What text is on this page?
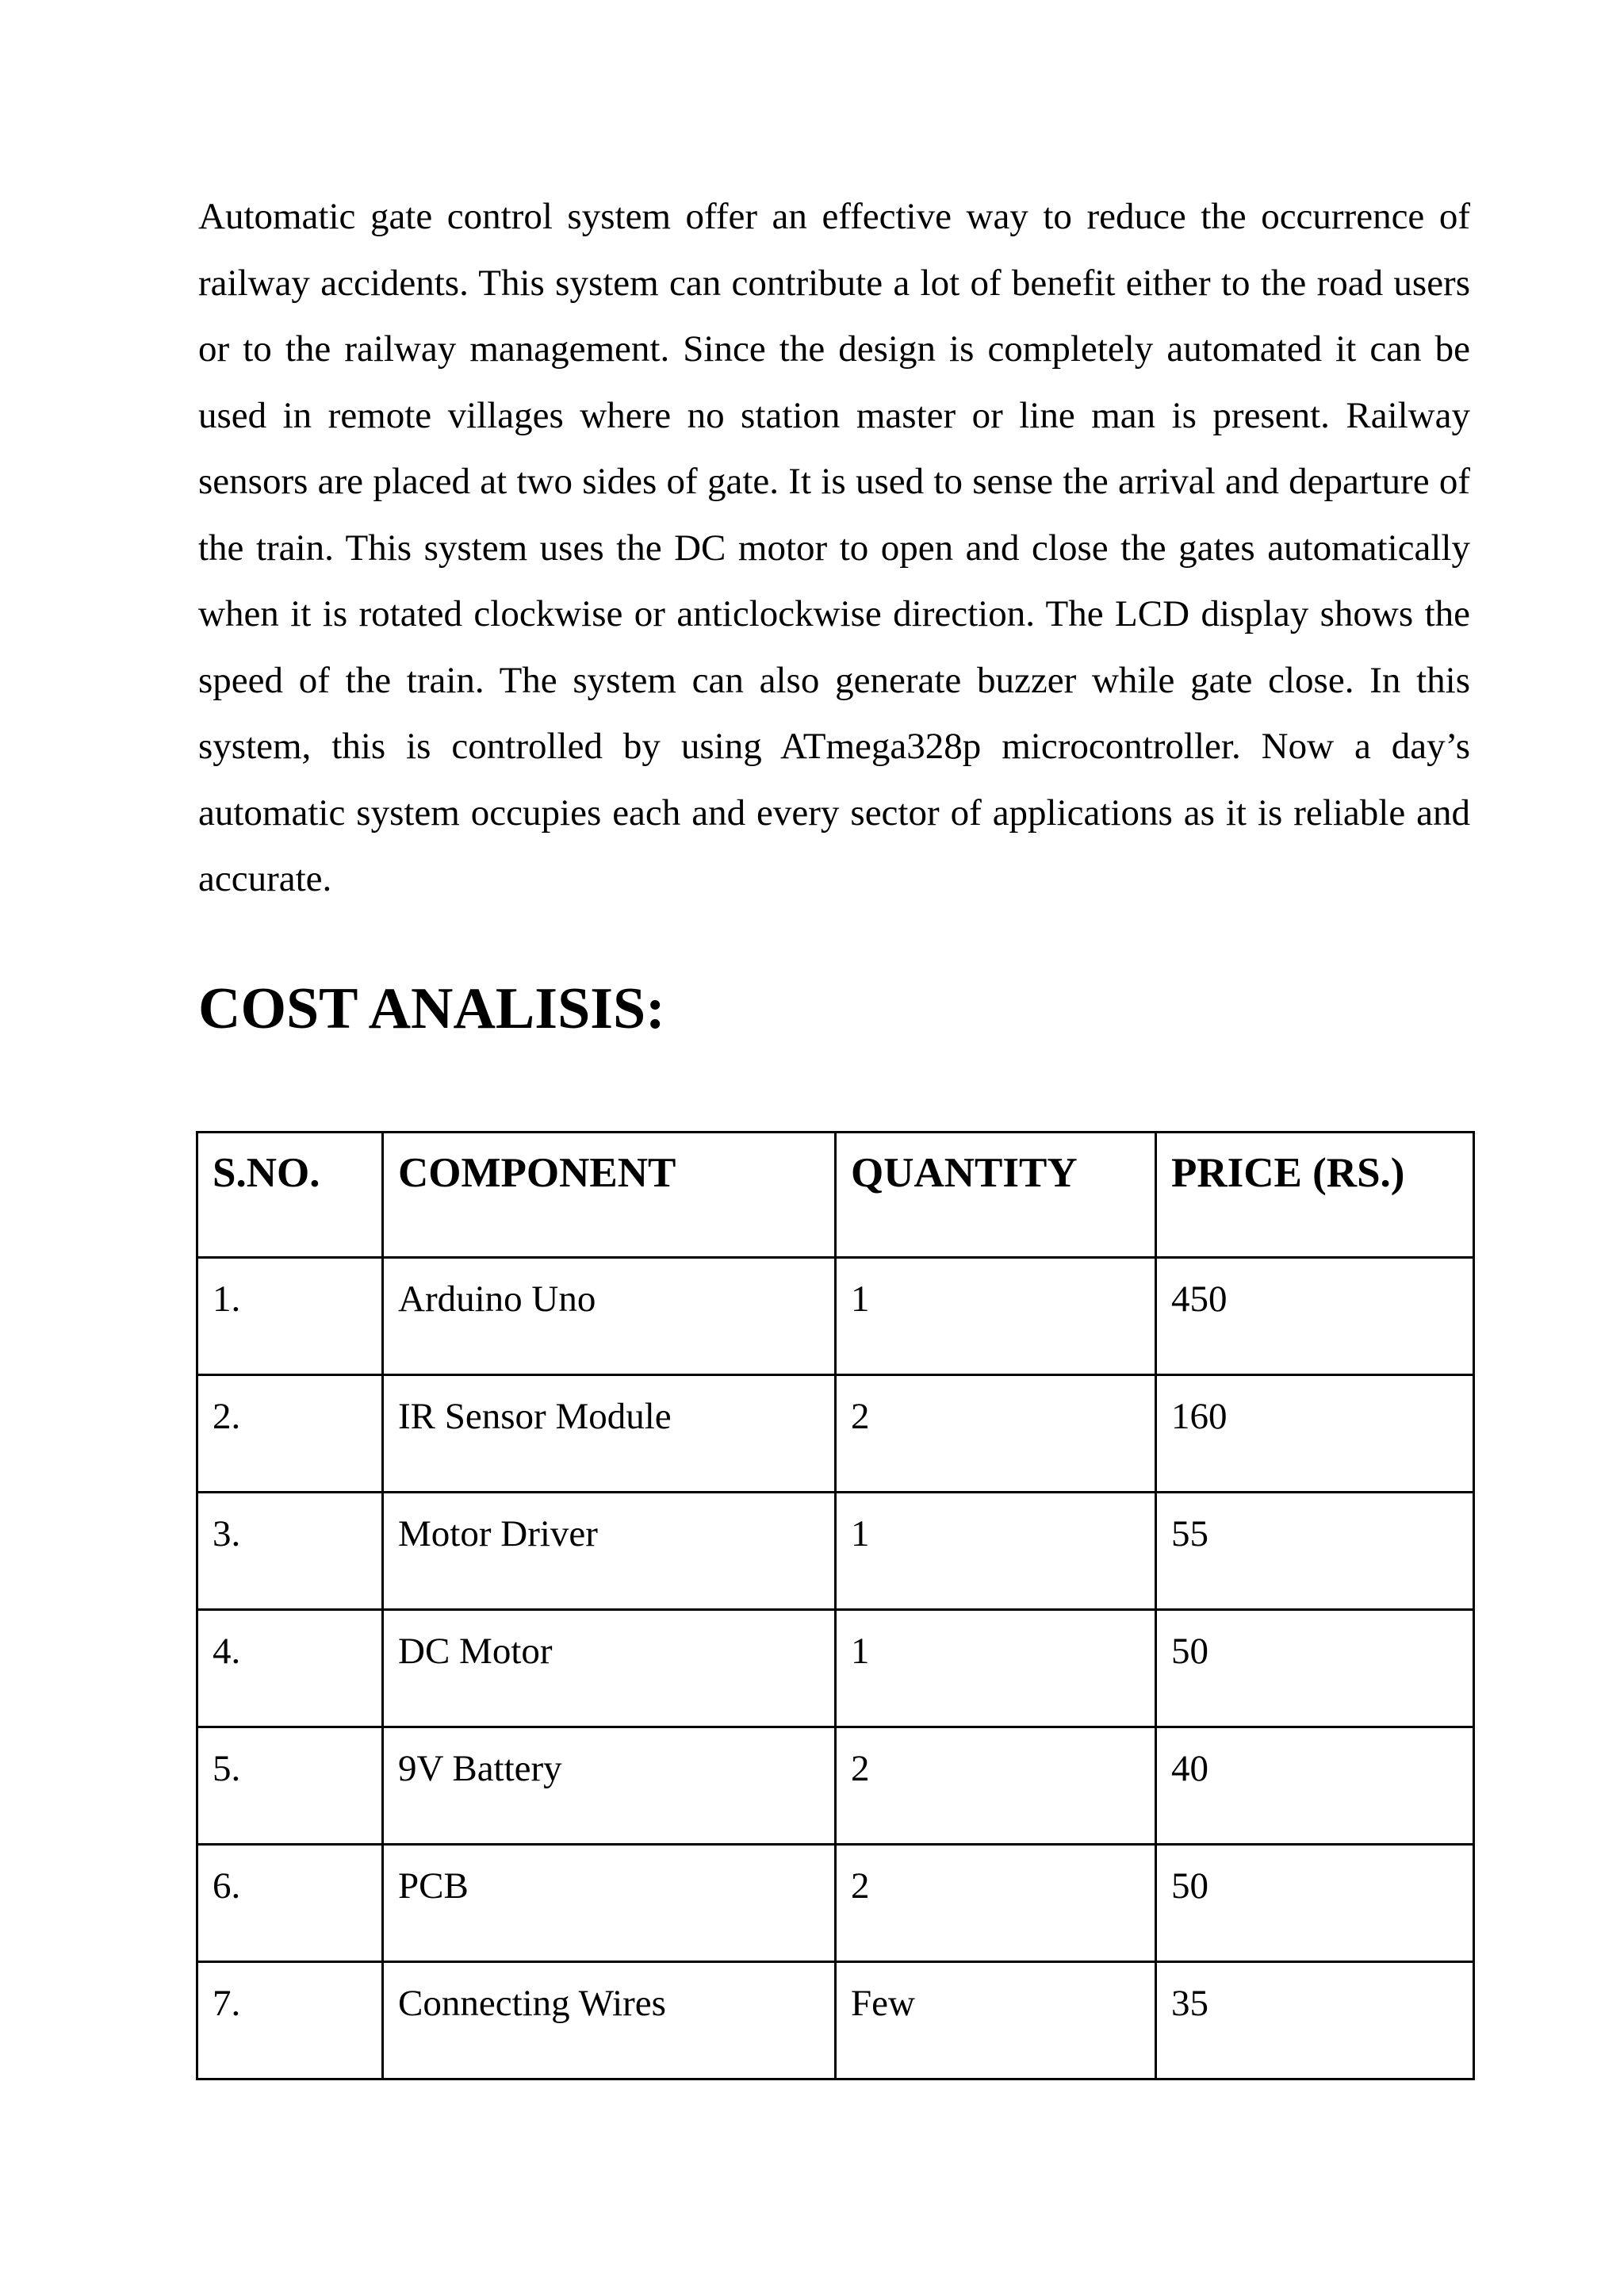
Automatic gate control system offer an effective way to reduce the occurrence of railway accidents. This system can contribute a lot of benefit either to the road users or to the railway management. Since the design is completely automated it can be used in remote villages where no station master or line man is present. Railway sensors are placed at two sides of gate. It is used to sense the arrival and departure of the train. This system uses the DC motor to open and close the gates automatically when it is rotated clockwise or anticlockwise direction. The LCD display shows the speed of the train. The system can also generate buzzer while gate close. In this system, this is controlled by using ATmega328p microcontroller. Now a day’s automatic system occupies each and every sector of applications as it is reliable and accurate.

COST ANALISIS:
S.NO.	COMPONENT	QUANTITY	PRICE (RS.)
1.	Arduino Uno	1	450
2.	IR Sensor Module	2	160
3.	Motor Driver	1	55
4.	DC Motor	1	50
5.	9V Battery	2	40
6.	PCB	2	50
7.	Connecting Wires	Few	35
